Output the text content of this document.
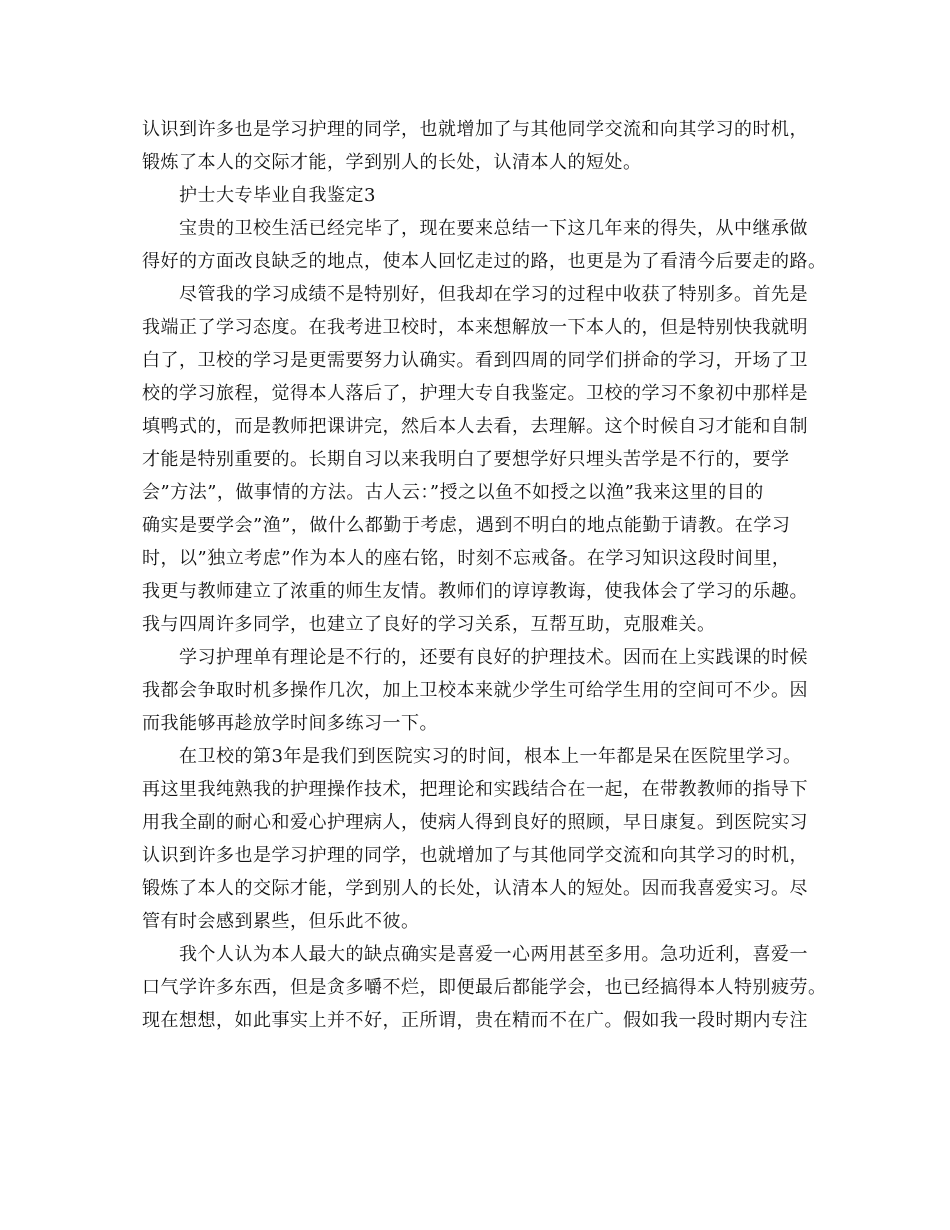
认识到许多也是学习护理的同学，也就增加了与其他同学交流和向其学习的时机，
锻炼了本人的交际才能，学到别人的长处，认清本人的短处。
　　护士大专毕业自我鉴定3
　　宝贵的卫校生活已经完毕了，现在要来总结一下这几年来的得失，从中继承做
得好的方面改良缺乏的地点，使本人回忆走过的路，也更是为了看清今后要走的路。
　　尽管我的学习成绩不是特别好，但我却在学习的过程中收获了特别多。首先是
我端正了学习态度。在我考进卫校时，本来想解放一下本人的，但是特别快我就明
白了，卫校的学习是更需要努力认确实。看到四周的同学们拼命的学习，开场了卫
校的学习旅程，觉得本人落后了，护理大专自我鉴定。卫校的学习不象初中那样是
填鸭式的，而是教师把课讲完，然后本人去看，去理解。这个时候自习才能和自制
才能是特别重要的。长期自习以来我明白了要想学好只埋头苦学是不行的，要学
会”方法”，做事情的方法。古人云：”授之以鱼不如授之以渔”我来这里的目的
确实是要学会”渔”，做什么都勤于考虑，遇到不明白的地点能勤于请教。在学习
时，以”独立考虑”作为本人的座右铭，时刻不忘戒备。在学习知识这段时间里，
我更与教师建立了浓重的师生友情。教师们的谆谆教诲，使我体会了学习的乐趣。
我与四周许多同学，也建立了良好的学习关系，互帮互助，克服难关。
　　学习护理单有理论是不行的，还要有良好的护理技术。因而在上实践课的时候
我都会争取时机多操作几次，加上卫校本来就少学生可给学生用的空间可不少。因
而我能够再趁放学时间多练习一下。
　　在卫校的第3年是我们到医院实习的时间，根本上一年都是呆在医院里学习。
再这里我纯熟我的护理操作技术，把理论和实践结合在一起，在带教教师的指导下
用我全副的耐心和爱心护理病人，使病人得到良好的照顾，早日康复。到医院实习
认识到许多也是学习护理的同学，也就增加了与其他同学交流和向其学习的时机，
锻炼了本人的交际才能，学到别人的长处，认清本人的短处。因而我喜爱实习。尽
管有时会感到累些，但乐此不彼。
　　我个人认为本人最大的缺点确实是喜爱一心两用甚至多用。急功近利，喜爱一
口气学许多东西，但是贪多嚼不烂，即便最后都能学会，也已经搞得本人特别疲劳。
现在想想，如此事实上并不好，正所谓，贵在精而不在广。假如我一段时期内专注
